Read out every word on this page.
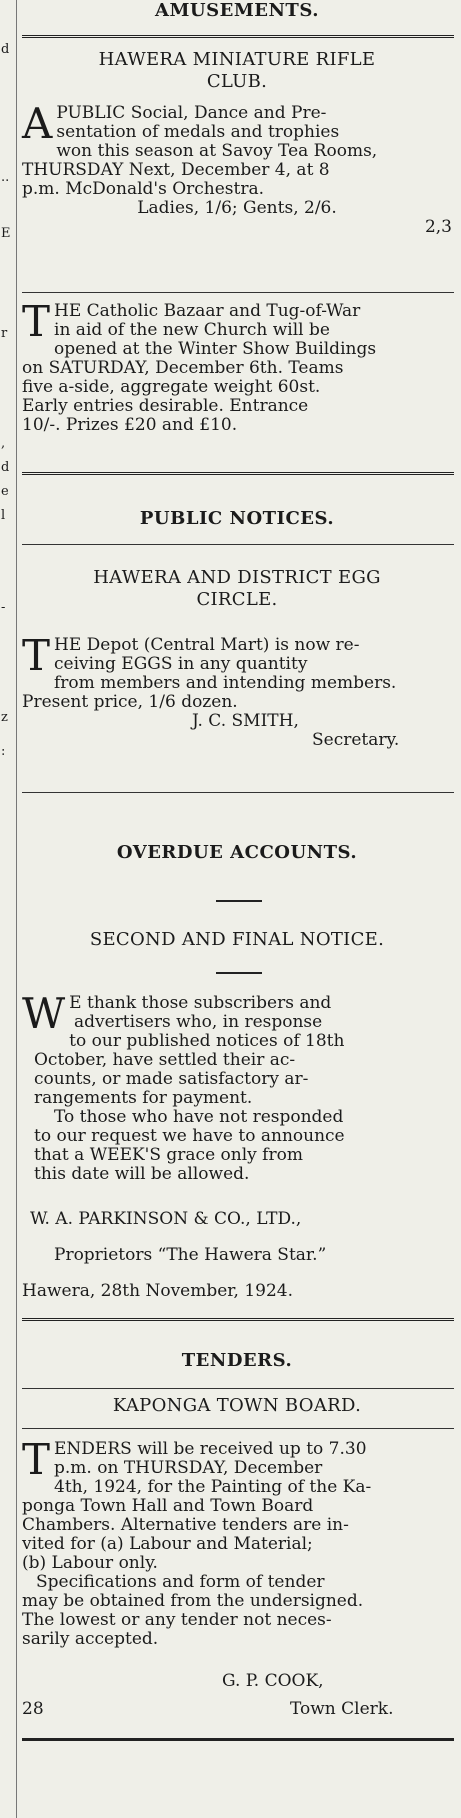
d
..
E
r
,
d
e
l
-
z
:
AMUSEMENTS.
HAWERA MINIATURE RIFLE
CLUB.
A PUBLIC Social, Dance and Pre-
sentation of medals and trophies
won this season at Savoy Tea Rooms,
THURSDAY Next, December 4, at 8
p.m. McDonald's Orchestra.
Ladies, 1/6; Gents, 2/6.
2,3
T HE Catholic Bazaar and Tug-of-War
in aid of the new Church will be
opened at the Winter Show Buildings
on SATURDAY, December 6th. Teams
five a-side, aggregate weight 60st.
Early entries desirable. Entrance
10/-. Prizes £20 and £10.
PUBLIC NOTICES.
HAWERA AND DISTRICT EGG
CIRCLE.
T HE Depot (Central Mart) is now re-
ceiving EGGS in any quantity
from members and intending members.
Present price, 1/6 dozen.
J. C. SMITH,
Secretary.
OVERDUE ACCOUNTS.
SECOND AND FINAL NOTICE.
W E thank those subscribers and
advertisers who, in response
to our published notices of 18th
October, have settled their ac-
counts, or made satisfactory ar-
rangements for payment.
To those who have not responded
to our request we have to announce
that a WEEK'S grace only from
this date will be allowed.
W. A. PARKINSON & CO., LTD.,
Proprietors “The Hawera Star.”
Hawera, 28th November, 1924.
TENDERS.
KAPONGA TOWN BOARD.
T ENDERS will be received up to 7.30
p.m. on THURSDAY, December
4th, 1924, for the Painting of the Ka-
ponga Town Hall and Town Board
Chambers. Alternative tenders are in-
vited for (a) Labour and Material;
(b) Labour only.
Specifications and form of tender
may be obtained from the undersigned.
The lowest or any tender not neces-
sarily accepted.
G. P. COOK,
28	Town Clerk.
